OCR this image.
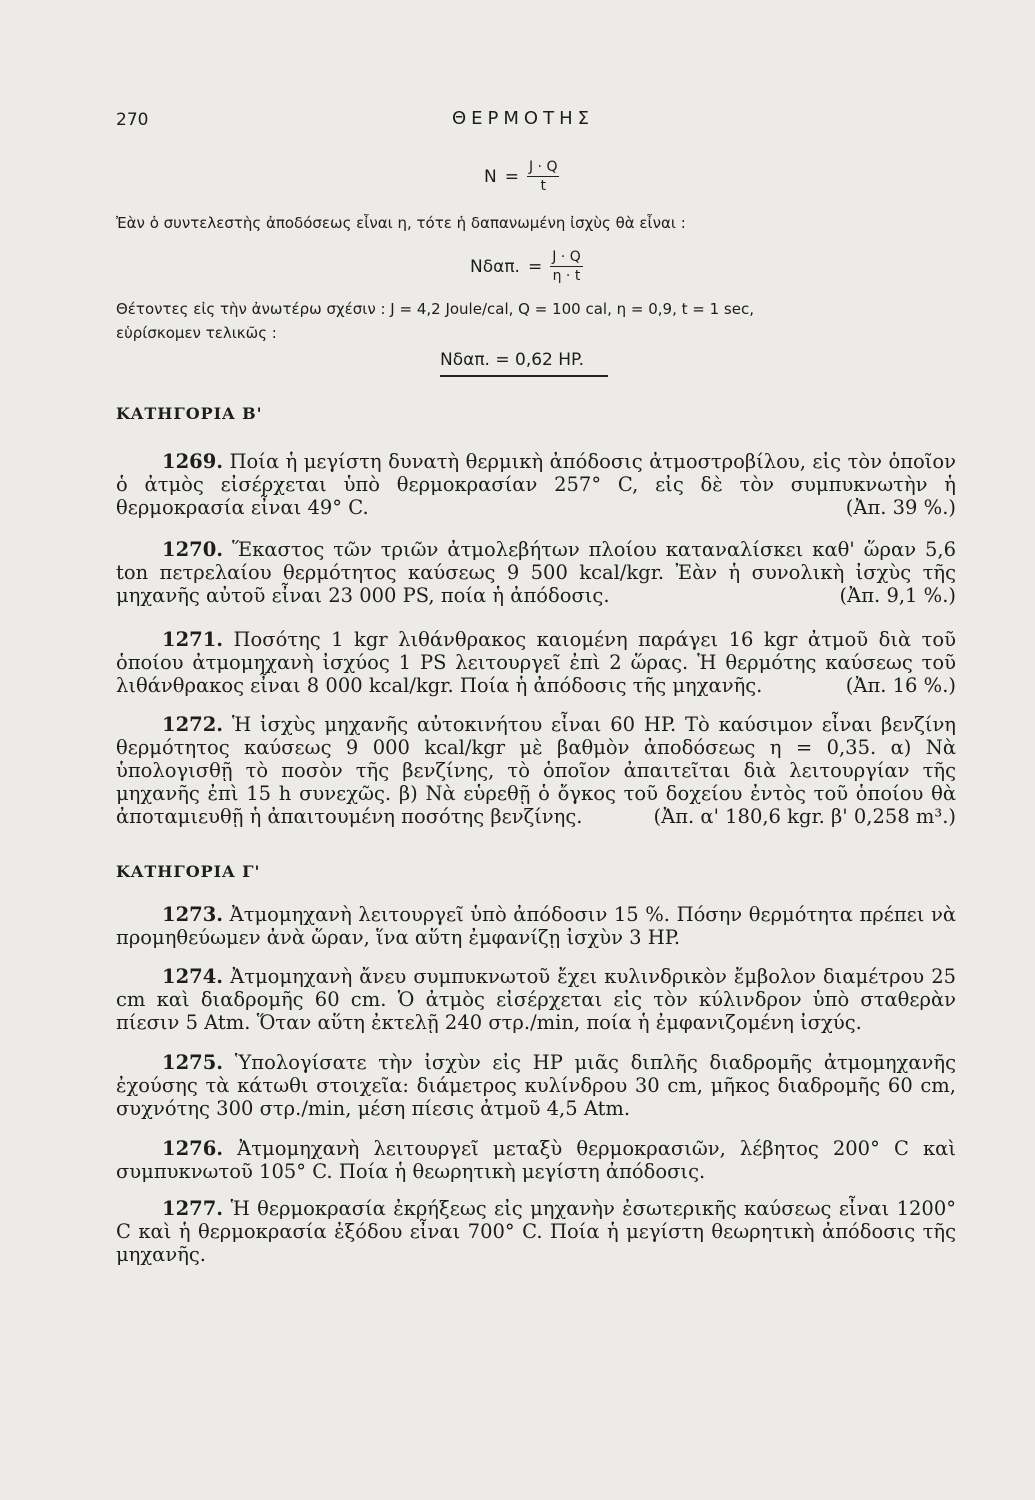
270	ΘΕΡΜΟΤΗΣ
$N = \frac{J \cdot Q}{t}$
Ἐὰν ὁ συντελεστὴς ἀποδόσεως εἶναι η, τότε ἡ δαπανωμένη ἰσχὺς θὰ εἶναι :
Nδαπ. = $\frac{J \cdot Q}{\eta \cdot t}$
Θέτοντες εἰς τὴν ἀνωτέρω σχέσιν : J = 4,2 Joule/cal, Q = 100 cal, η = 0,9, t = 1 sec,
εὑρίσκομεν τελικῶς :
Nδαπ. = 0,62 HP.
ΚΑΤΗΓΟΡΙΑ Β'
1269. Ποία ἡ μεγίστη δυνατὴ θερμικὴ ἀπόδοσις ἀτμοστροβίλου, εἰς τὸν ὁποῖον ὁ ἀτμὸς εἰσέρχεται ὑπὸ θερμοκρασίαν 257° C, εἰς δὲ τὸν συμπυκνωτὴν ἡ θερμοκρασία εἶναι 49° C.	(Ἀπ. 39 %.)
1270. Ἕκαστος τῶν τριῶν ἀτμολεβήτων πλοίου καταναλίσκει καθ' ὥραν 5,6 ton πετρελαίου θερμότητος καύσεως 9 500 kcal/kgr. Ἐὰν ἡ συνολικὴ ἰσχὺς τῆς μηχανῆς αὐτοῦ εἶναι 23 000 PS, ποία ἡ ἀπόδοσις.	(Ἀπ. 9,1 %.)
1271. Ποσότης 1 kgr λιθάνθρακος καιομένη παράγει 16 kgr ἀτμοῦ διὰ τοῦ ὁποίου ἀτμομηχανὴ ἰσχύος 1 PS λειτουργεῖ ἐπὶ 2 ὥρας. Ἡ θερμότης καύσεως τοῦ λιθάνθρακος εἶναι 8 000 kcal/kgr. Ποία ἡ ἀπόδοσις τῆς μηχανῆς.	(Ἀπ. 16 %.)
1272. Ἡ ἰσχὺς μηχανῆς αὐτοκινήτου εἶναι 60 HP. Τὸ καύσιμον εἶναι βενζίνη θερμότητος καύσεως 9 000 kcal/kgr μὲ βαθμὸν ἀποδόσεως η = 0,35. α) Νὰ ὑπολογισθῇ τὸ ποσὸν τῆς βενζίνης, τὸ ὁποῖον ἀπαιτεῖται διὰ λειτουργίαν τῆς μηχανῆς ἐπὶ 15 h συνεχῶς. β) Νὰ εὑρεθῇ ὁ ὄγκος τοῦ δοχείου ἐντὸς τοῦ ὁποίου θὰ ἀποταμιευθῇ ἡ ἀπαιτουμένη ποσότης βενζίνης.	(Ἀπ. α' 180,6 kgr. β' 0,258 m³.)
ΚΑΤΗΓΟΡΙΑ Γ'
1273. Ἀτμομηχανὴ λειτουργεῖ ὑπὸ ἀπόδοσιν 15 %. Πόσην θερμότητα πρέπει νὰ προμηθεύωμεν ἀνὰ ὥραν, ἵνα αὕτη ἐμφανίζῃ ἰσχὺν 3 HP.
1274. Ἀτμομηχανὴ ἄνευ συμπυκνωτοῦ ἔχει κυλινδρικὸν ἔμβολον διαμέτρου 25 cm καὶ διαδρομῆς 60 cm. Ὁ ἀτμὸς εἰσέρχεται εἰς τὸν κύλινδρον ὑπὸ σταθερὰν πίεσιν 5 Atm. Ὅταν αὕτη ἐκτελῇ 240 στρ./min, ποία ἡ ἐμφανιζομένη ἰσχύς.
1275. Ὑπολογίσατε τὴν ἰσχὺν εἰς HP μιᾶς διπλῆς διαδρομῆς ἀτμομηχανῆς ἐχούσης τὰ κάτωθι στοιχεῖα: διάμετρος κυλίνδρου 30 cm, μῆκος διαδρομῆς 60 cm, συχνότης 300 στρ./min, μέση πίεσις ἀτμοῦ 4,5 Atm.
1276. Ἀτμομηχανὴ λειτουργεῖ μεταξὺ θερμοκρασιῶν, λέβητος 200° C καὶ συμπυκνωτοῦ 105° C. Ποία ἡ θεωρητικὴ μεγίστη ἀπόδοσις.
1277. Ἡ θερμοκρασία ἐκρήξεως εἰς μηχανὴν ἐσωτερικῆς καύσεως εἶναι 1200° C καὶ ἡ θερμοκρασία ἐξόδου εἶναι 700° C. Ποία ἡ μεγίστη θεωρητικὴ ἀπόδοσις τῆς μηχανῆς.
